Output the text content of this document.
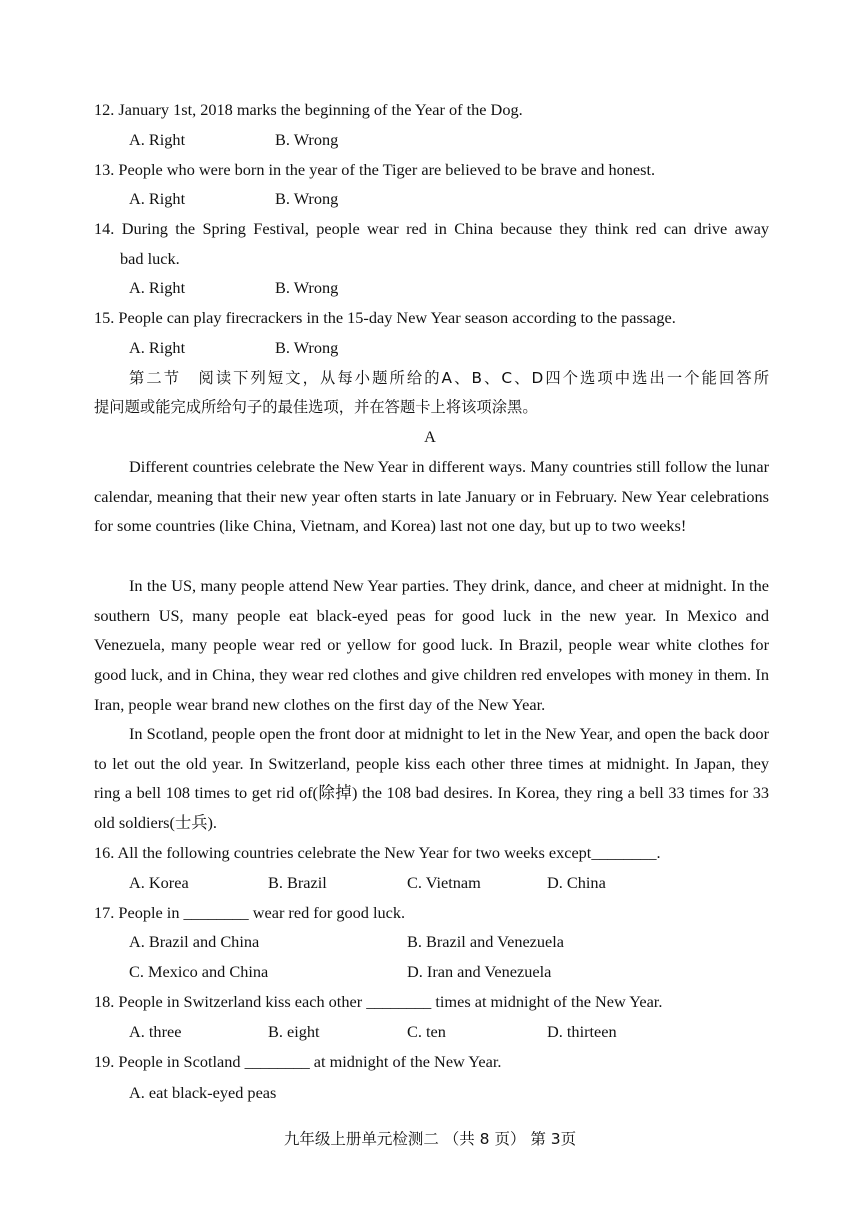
12. January 1st, 2018 marks the beginning of the Year of the Dog.
A. Right	B. Wrong
13. People who were born in the year of the Tiger are believed to be brave and honest.
A. Right	B. Wrong
14. During the Spring Festival, people wear red in China because they think red can drive away
bad luck.
A. Right	B. Wrong
15. People can play firecrackers in the 15-day New Year season according to the passage.
A. Right	B. Wrong
第二节　阅读下列短文，从每小题所给的A、B、C、D四个选项中选出一个能回答所
提问题或能完成所给句子的最佳选项，并在答题卡上将该项涂黑。
A
Different countries celebrate the New Year in different ways. Many countries still follow the lunar calendar, meaning that their new year often starts in late January or in February. New Year celebrations for some countries (like China, Vietnam, and Korea) last not one day, but up to two weeks!
In the US, many people attend New Year parties. They drink, dance, and cheer at midnight. In the southern US, many people eat black‐eyed peas for good luck in the new year. In Mexico and Venezuela, many people wear red or yellow for good luck. In Brazil, people wear white clothes for good luck, and in China, they wear red clothes and give children red envelopes with money in them. In Iran, people wear brand new clothes on the first day of the New Year.
In Scotland, people open the front door at midnight to let in the New Year, and open the back door to let out the old year. In Switzerland, people kiss each other three times at midnight. In Japan, they ring a bell 108 times to get rid of(除掉) the 108 bad desires. In Korea, they ring a bell 33 times for 33 old soldiers(士兵).
16. All the following countries celebrate the New Year for two weeks except________.
A. Korea	B. Brazil	C. Vietnam	D. China
17. People in ________ wear red for good luck.
A. Brazil and China	B. Brazil and Venezuela
C. Mexico and China	D. Iran and Venezuela
18. People in Switzerland kiss each other ________ times at midnight of the New Year.
A. three	B. eight	C. ten	D. thirteen
19. People in Scotland ________ at midnight of the New Year.
A. eat black‐eyed peas
九年级上册单元检测二 （共 8 页） 第 3页
